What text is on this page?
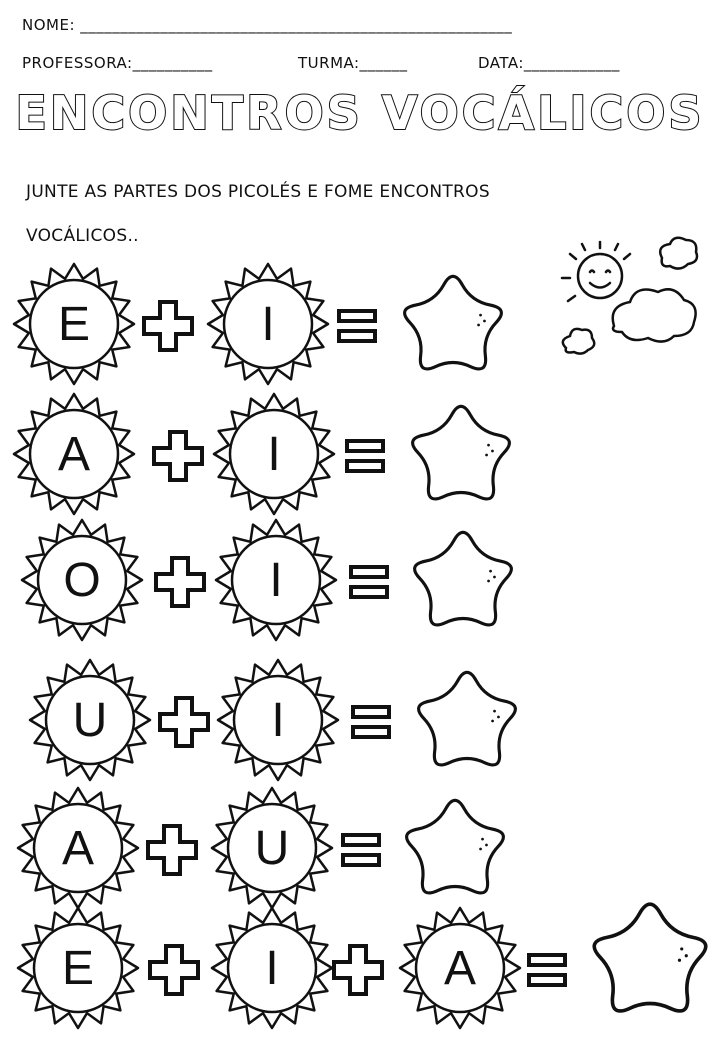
NOME: ______________________________________________________
PROFESSORA:__________	TURMA:______	DATA:____________
ENCONTROS VOCÁLICOS
JUNTE AS PARTES DOS PICOLÉS E FOME ENCONTROS
VOCÁLICOS..
E	I
A	I
O	I
U	I
A	U
E	I	A
